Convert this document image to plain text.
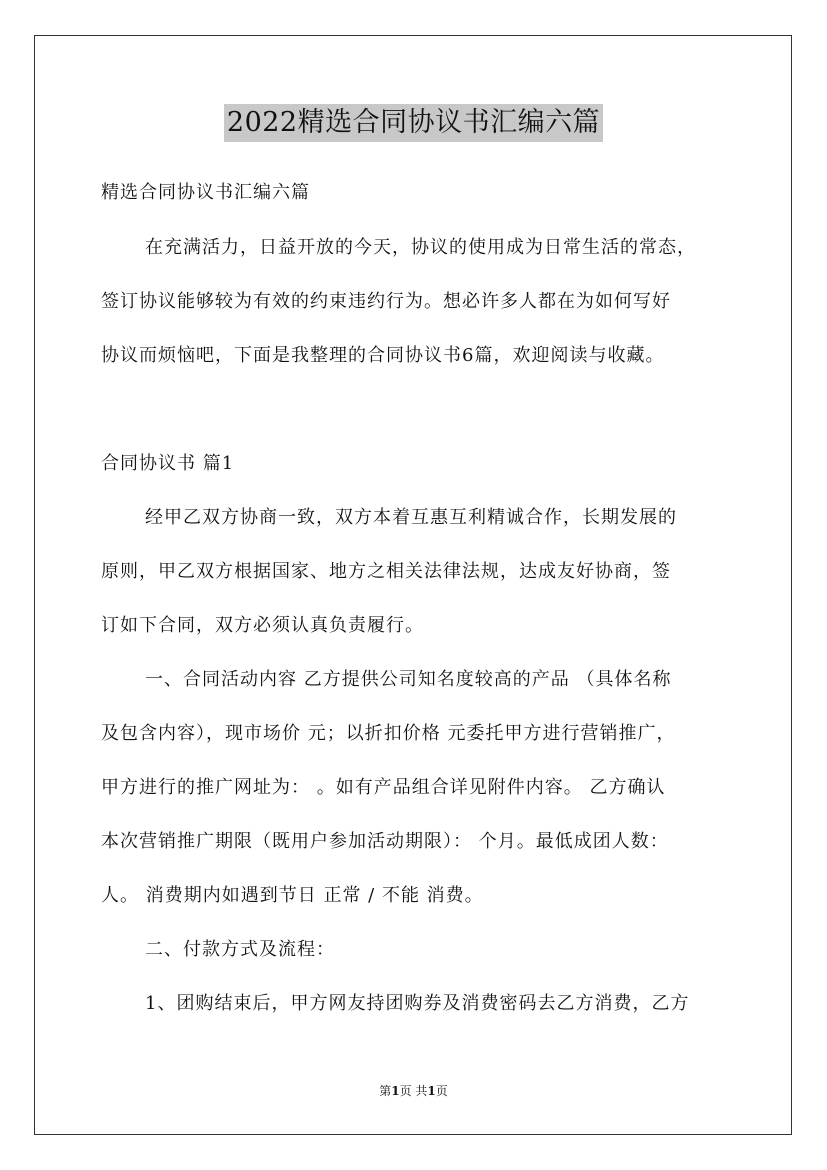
2022精选合同协议书汇编六篇
精选合同协议书汇编六篇
在充满活力，日益开放的今天，协议的使用成为日常生活的常态，
签订协议能够较为有效的约束违约行为。想必许多人都在为如何写好
协议而烦恼吧，下面是我整理的合同协议书6篇，欢迎阅读与收藏。
合同协议书 篇1
经甲乙双方协商一致，双方本着互惠互利精诚合作，长期发展的
原则，甲乙双方根据国家、地方之相关法律法规，达成友好协商，签
订如下合同，双方必须认真负责履行。
一、合同活动内容 乙方提供公司知名度较高的产品 （具体名称
及包含内容），现市场价 元；以折扣价格 元委托甲方进行营销推广，
甲方进行的推广网址为： 。如有产品组合详见附件内容。 乙方确认
本次营销推广期限（既用户参加活动期限）： 个月。最低成团人数：
人。 消费期内如遇到节日 正常 / 不能 消费。
二、付款方式及流程：
1、团购结束后，甲方网友持团购券及消费密码去乙方消费，乙方
第1页 共1页
